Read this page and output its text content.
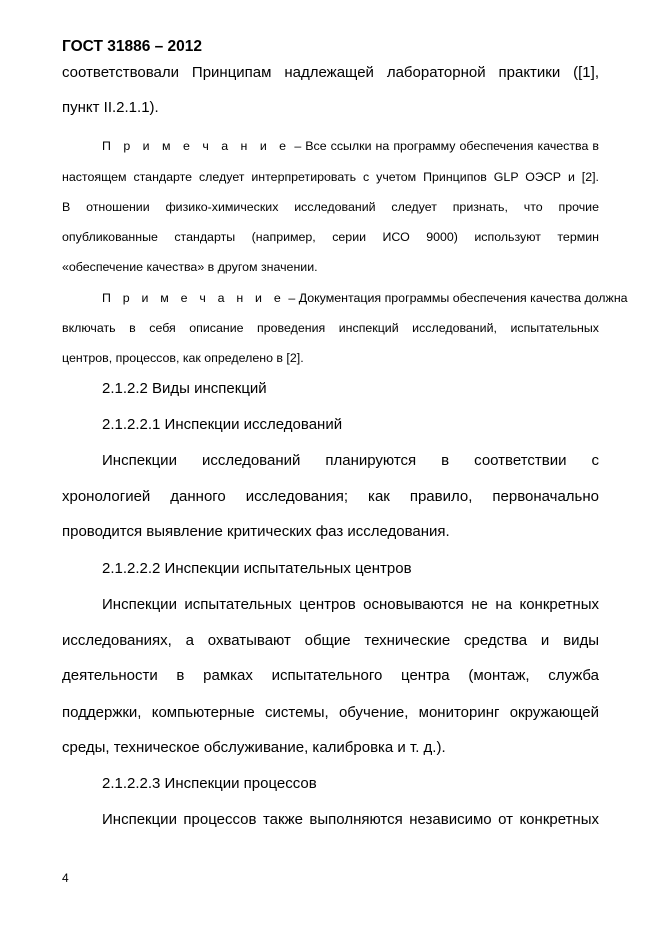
ГОСТ 31886 – 2012
соответствовали Принципам надлежащей лабораторной практики ([1],
пункт II.2.1.1).
П р и м е ч а н и е – Все ссылки на программу обеспечения качества в
настоящем стандарте следует интерпретировать с учетом Принципов GLP ОЭСР и [2].
В отношении физико-химических исследований следует признать, что прочие
опубликованные стандарты (например, серии ИСО 9000) используют термин
«обеспечение качества» в другом значении.
П р и м е ч а н и е – Документация программы обеспечения качества должна
включать в себя описание проведения инспекций исследований, испытательных
центров, процессов, как определено в [2].
2.1.2.2 Виды инспекций
2.1.2.2.1 Инспекции исследований
Инспекции исследований планируются в соответствии с
хронологией данного исследования; как правило, первоначально
проводится выявление критических фаз исследования.
2.1.2.2.2 Инспекции испытательных центров
Инспекции испытательных центров основываются не на конкретных
исследованиях, а охватывают общие технические средства и виды
деятельности в рамках испытательного центра (монтаж, служба
поддержки, компьютерные системы, обучение, мониторинг окружающей
среды, техническое обслуживание, калибровка и т. д.).
2.1.2.2.3 Инспекции процессов
Инспекции процессов также выполняются независимо от конкретных
4
